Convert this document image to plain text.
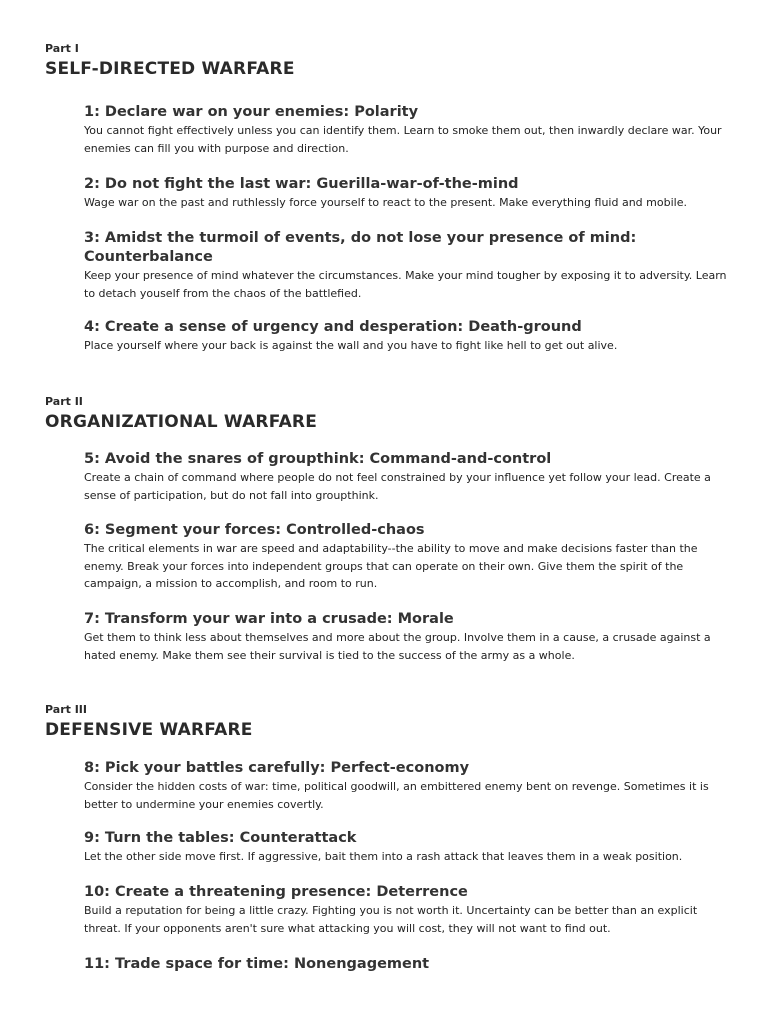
Part I
SELF-DIRECTED WARFARE
1: Declare war on your enemies: Polarity
You cannot fight effectively unless you can identify them. Learn to smoke them out, then inwardly declare war. Your enemies can fill you with purpose and direction.
2: Do not fight the last war: Guerilla-war-of-the-mind
Wage war on the past and ruthlessly force yourself to react to the present. Make everything fluid and mobile.
3: Amidst the turmoil of events, do not lose your presence of mind: Counterbalance
Keep your presence of mind whatever the circumstances. Make your mind tougher by exposing it to adversity. Learn to detach youself from the chaos of the battlefied.
4: Create a sense of urgency and desperation: Death-ground
Place yourself where your back is against the wall and you have to fight like hell to get out alive.
Part II
ORGANIZATIONAL WARFARE
5: Avoid the snares of groupthink: Command-and-control
Create a chain of command where people do not feel constrained by your influence yet follow your lead. Create a sense of participation, but do not fall into groupthink.
6: Segment your forces: Controlled-chaos
The critical elements in war are speed and adaptability--the ability to move and make decisions faster than the enemy. Break your forces into independent groups that can operate on their own. Give them the spirit of the campaign, a mission to accomplish, and room to run.
7: Transform your war into a crusade: Morale
Get them to think less about themselves and more about the group. Involve them in a cause, a crusade against a hated enemy. Make them see their survival is tied to the success of the army as a whole.
Part III
DEFENSIVE WARFARE
8: Pick your battles carefully: Perfect-economy
Consider the hidden costs of war: time, political goodwill, an embittered enemy bent on revenge. Sometimes it is better to undermine your enemies covertly.
9: Turn the tables: Counterattack
Let the other side move first. If aggressive, bait them into a rash attack that leaves them in a weak position.
10: Create a threatening presence: Deterrence
Build a reputation for being a little crazy. Fighting you is not worth it. Uncertainty can be better than an explicit threat. If your opponents aren't sure what attacking you will cost, they will not want to find out.
11: Trade space for time: Nonengagement
